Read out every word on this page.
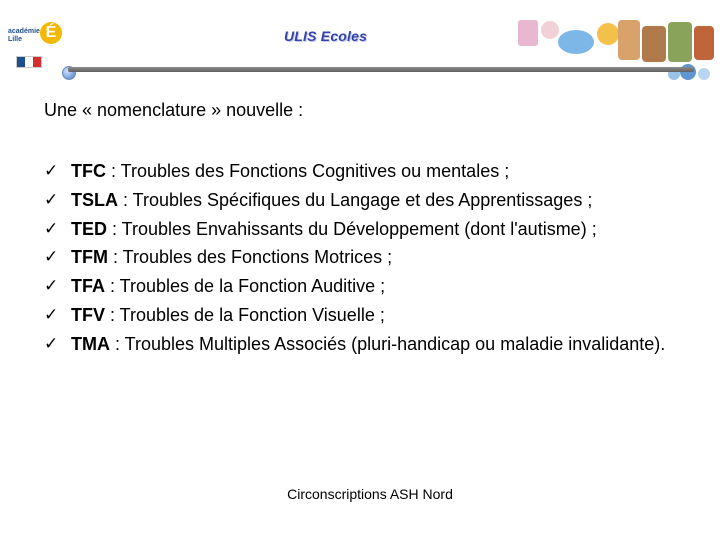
académie
Lille	É	ULIS Ecoles
Une « nomenclature » nouvelle :
✓ TFC : Troubles des Fonctions Cognitives ou mentales ;
✓ TSLA : Troubles Spécifiques du Langage et des Apprentissages ;
✓ TED : Troubles Envahissants du Développement (dont l'autisme) ;
✓ TFM : Troubles des Fonctions Motrices ;
✓ TFA : Troubles de la Fonction Auditive ;
✓ TFV : Troubles de la Fonction Visuelle ;
✓ TMA : Troubles Multiples Associés (pluri-handicap ou maladie invalidante).
Circonscriptions ASH Nord
